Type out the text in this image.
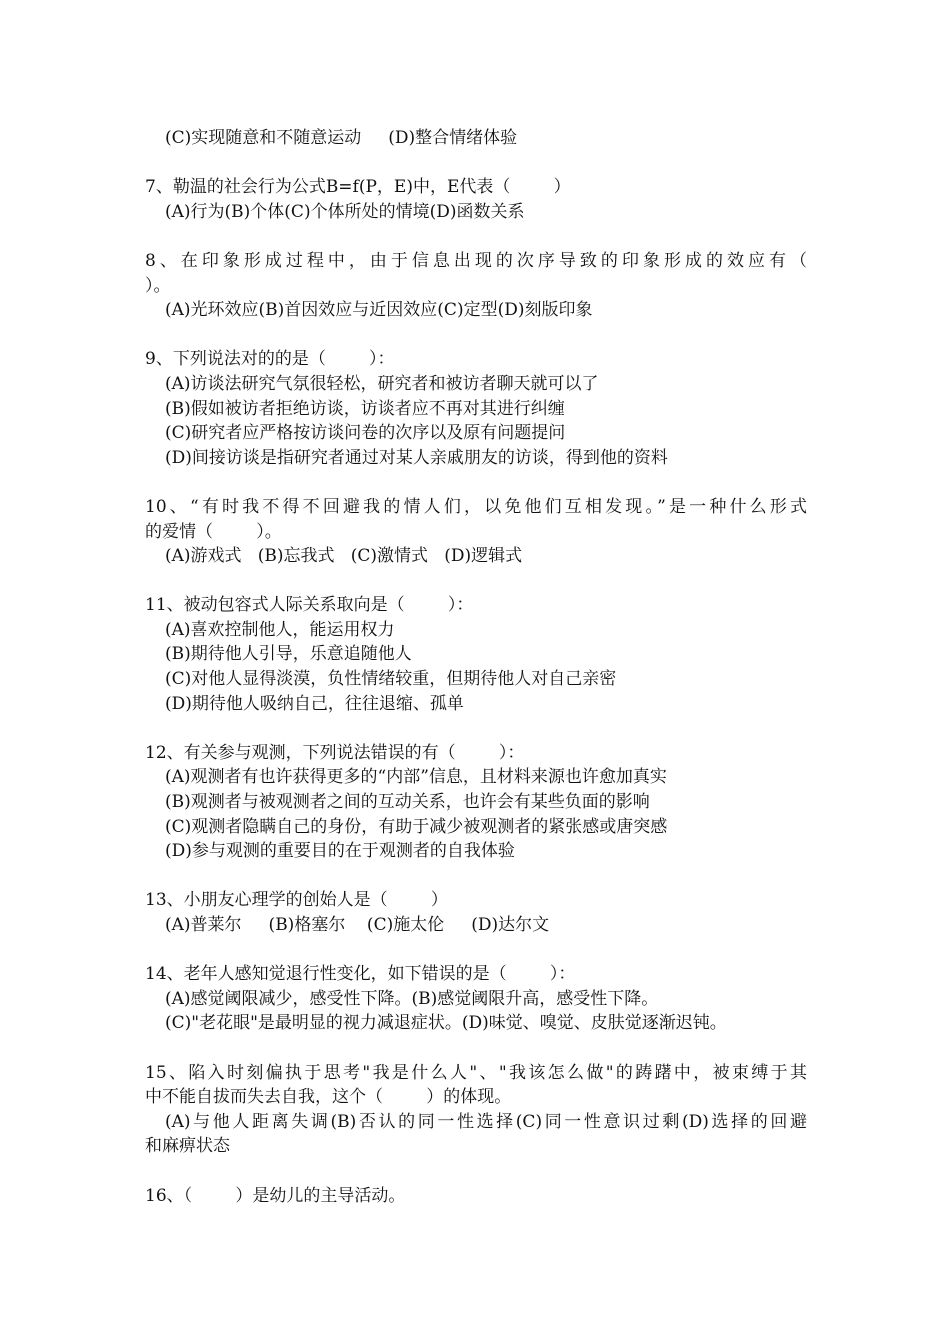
(C)实现随意和不随意运动     (D)整合情绪体验
7、勒温的社会行为公式B=f(P，E)中，E代表（        ）
(A)行为(B)个体(C)个体所处的情境(D)函数关系
8、在印象形成过程中，由于信息出现的次序导致的印象形成的效应有（
）。
(A)光环效应(B)首因效应与近因效应(C)定型(D)刻版印象
9、下列说法对的的是（        ）：
(A)访谈法研究气氛很轻松，研究者和被访者聊天就可以了
(B)假如被访者拒绝访谈，访谈者应不再对其进行纠缠
(C)研究者应严格按访谈问卷的次序以及原有问题提问
(D)间接访谈是指研究者通过对某人亲戚朋友的访谈，得到他的资料
10、“有时我不得不回避我的情人们，以免他们互相发现。”是一种什么形式
的爱情（        ）。
(A)游戏式   (B)忘我式   (C)激情式   (D)逻辑式
11、被动包容式人际关系取向是（        ）：
(A)喜欢控制他人，能运用权力
(B)期待他人引导，乐意追随他人
(C)对他人显得淡漠，负性情绪较重，但期待他人对自己亲密
(D)期待他人吸纳自己，往往退缩、孤单
12、有关参与观测，下列说法错误的有（        ）：
(A)观测者有也许获得更多的“内部”信息，且材料来源也许愈加真实
(B)观测者与被观测者之间的互动关系，也许会有某些负面的影响
(C)观测者隐瞒自己的身份，有助于减少被观测者的紧张感或唐突感
(D)参与观测的重要目的在于观测者的自我体验
13、小朋友心理学的创始人是（        ）
(A)普莱尔     (B)格塞尔    (C)施太伦     (D)达尔文
14、老年人感知觉退行性变化，如下错误的是（        ）：
(A)感觉阈限减少，感受性下降。(B)感觉阈限升高，感受性下降。
(C)"老花眼"是最明显的视力减退症状。(D)味觉、嗅觉、皮肤觉逐渐迟钝。
15、陷入时刻偏执于思考"我是什么人"、"我该怎么做"的踌躇中，被束缚于其
中不能自拔而失去自我，这个（        ）的体现。
(A)与他人距离失调(B)否认的同一性选择(C)同一性意识过剩(D)选择的回避
和麻痹状态
16、（        ）是幼儿的主导活动。
